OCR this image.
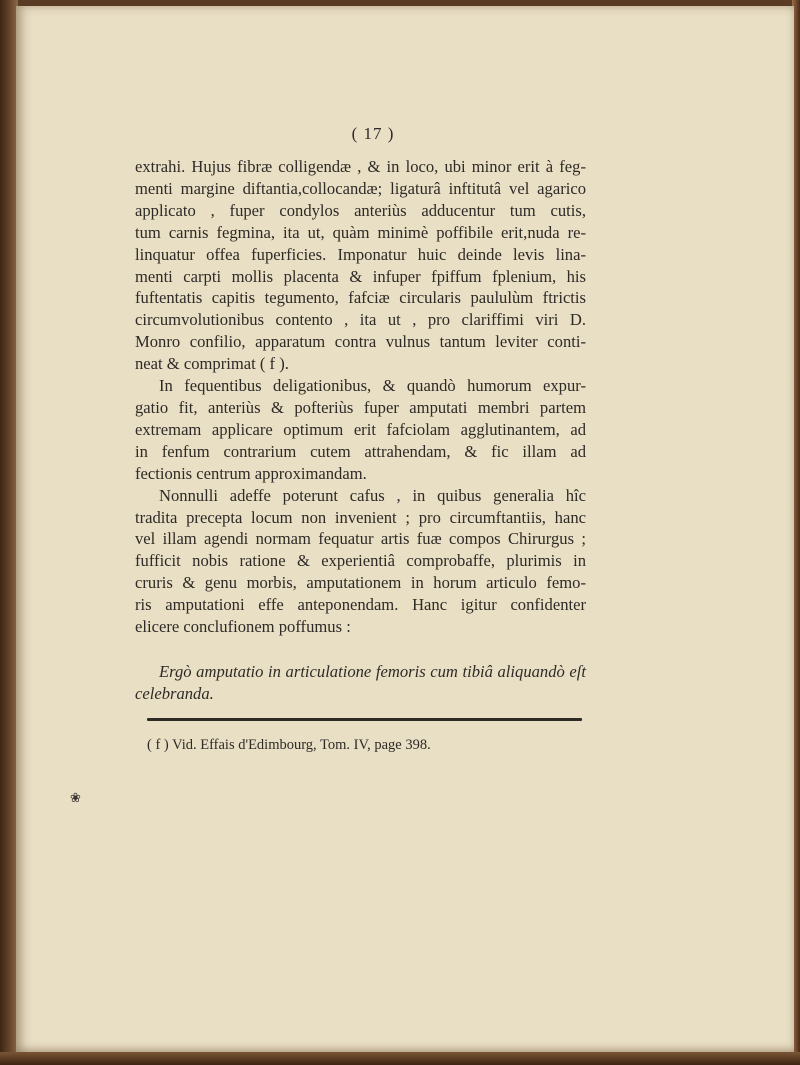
( 17 )
extrahi. Hujus fibræ colligendæ , & in loco, ubi minor erit à feg-
menti margine diftantia,collocandæ; ligaturâ inftitutâ vel agarico
applicato , fuper condylos anteriùs adducentur tum cutis,
tum carnis fegmina, ita ut, quàm minimè poffibile erit,nuda re-
linquatur offea fuperficies. Imponatur huic deinde levis lina-
menti carpti mollis placenta & infuper fpiffum fplenium, his
fuftentatis capitis tegumento, fafciæ circularis paululùm ftrictis
circumvolutionibus contento , ita ut , pro clariffimi viri D.
Monro confilio, apparatum contra vulnus tantum leviter conti-
neat & comprimat ( f ).
In fequentibus deligationibus, & quandò humorum expur-
gatio fit, anteriùs & pofteriùs fuper amputati membri partem
extremam applicare optimum erit fafciolam agglutinantem, ad
in fenfum contrarium cutem attrahendam, & fic illam ad
fectionis centrum approximandam.
Nonnulli adeffe poterunt cafus , in quibus generalia hîc
tradita precepta locum non invenient ; pro circumftantiis, hanc
vel illam agendi normam fequatur artis fuæ compos Chirurgus ;
fufficit nobis ratione & experientiâ comprobaffe, plurimis in
cruris & genu morbis, amputationem in horum articulo femo-
ris amputationi effe anteponendam. Hanc igitur confidenter
elicere conclufionem poffumus :
Ergò amputatio in articulatione femoris cum tibiâ aliquandò eſt
celebranda.
( f ) Vid. Effais d'Edimbourg, Tom. IV, page 398.
❀
